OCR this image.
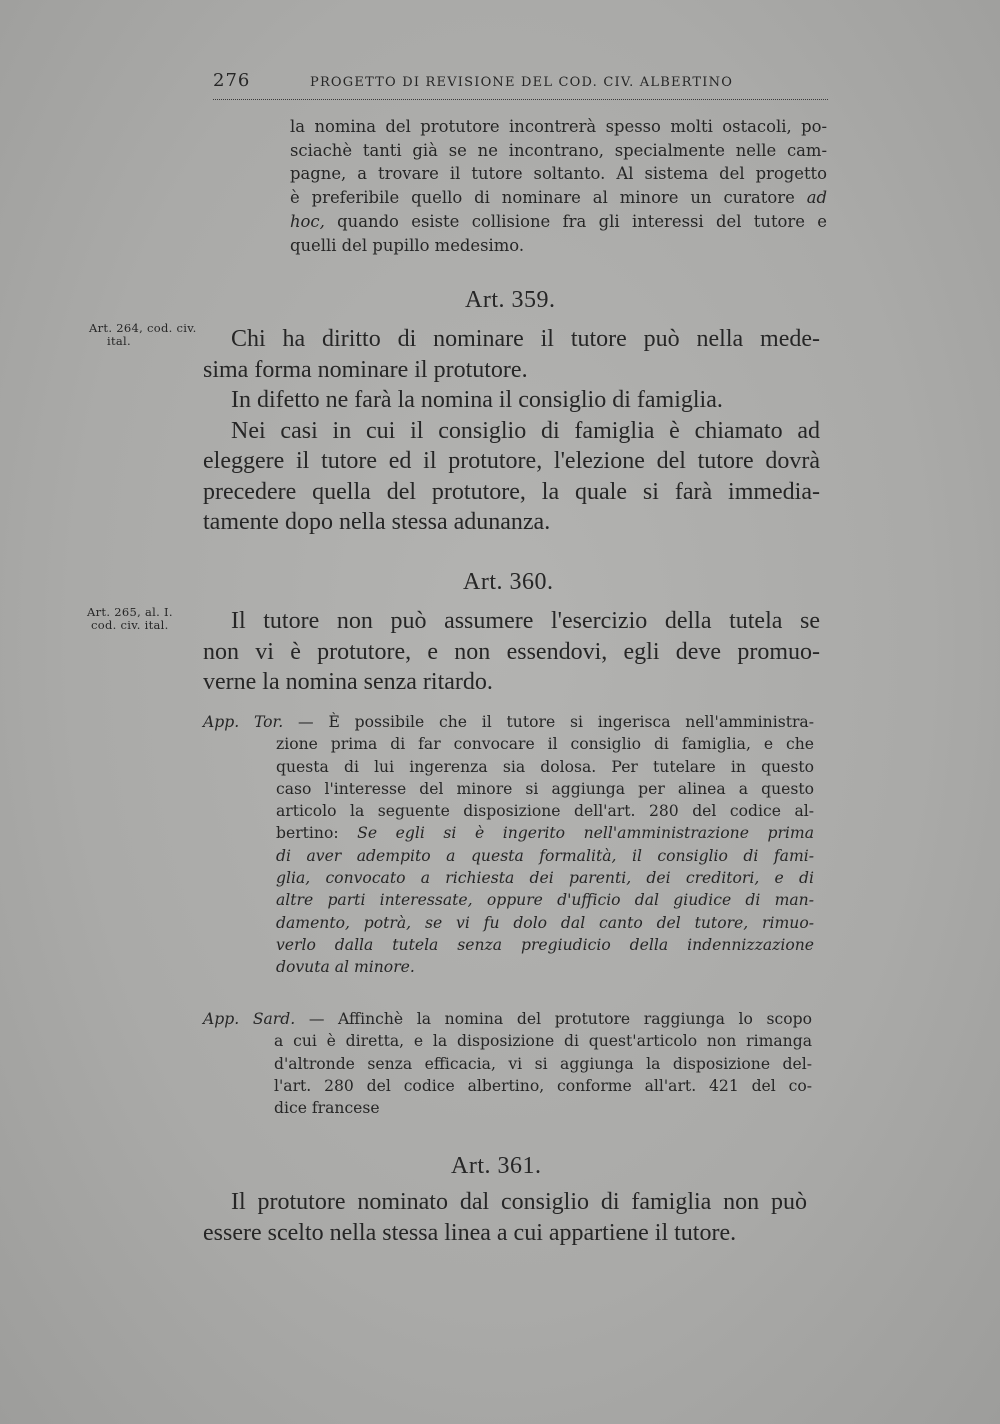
276	PROGETTO DI REVISIONE DEL COD. CIV. ALBERTINO
la nomina del protutore incontrerà spesso molti ostacoli, po-
sciachè tanti già se ne incontrano, specialmente nelle cam-
pagne, a trovare il tutore soltanto. Al sistema del progetto
è preferibile quello di nominare al minore un curatore ad
hoc, quando esiste collisione fra gli interessi del tutore e
quelli del pupillo medesimo.
Art. 359.
Art. 264, cod. civ.
ital.	Chi ha diritto di nominare il tutore può nella mede-
sima forma nominare il protutore.
In difetto ne farà la nomina il consiglio di famiglia.
Nei casi in cui il consiglio di famiglia è chiamato ad
eleggere il tutore ed il protutore, l'elezione del tutore dovrà
precedere quella del protutore, la quale si farà immedia-
tamente dopo nella stessa adunanza.
Art. 360.
Art. 265, al. I.
cod. civ. ital.	Il tutore non può assumere l'esercizio della tutela se
non vi è protutore, e non essendovi, egli deve promuo-
verne la nomina senza ritardo.
App. Tor. — È possibile che il tutore si ingerisca nell'amministra-
zione prima di far convocare il consiglio di famiglia, e che
questa di lui ingerenza sia dolosa. Per tutelare in questo
caso l'interesse del minore si aggiunga per alinea a questo
articolo la seguente disposizione dell'art. 280 del codice al-
bertino: Se egli si è ingerito nell'amministrazione prima
di aver adempito a questa formalità, il consiglio di fami-
glia, convocato a richiesta dei parenti, dei creditori, e di
altre parti interessate, oppure d'ufficio dal giudice di man-
damento, potrà, se vi fu dolo dal canto del tutore, rimuo-
verlo dalla tutela senza pregiudicio della indennizzazione
dovuta al minore.
App. Sard. — Affinchè la nomina del protutore raggiunga lo scopo
a cui è diretta, e la disposizione di quest'articolo non rimanga
d'altronde senza efficacia, vi si aggiunga la disposizione del-
l'art. 280 del codice albertino, conforme all'art. 421 del co-
dice francese
Art. 361.
Il protutore nominato dal consiglio di famiglia non può
essere scelto nella stessa linea a cui appartiene il tutore.
